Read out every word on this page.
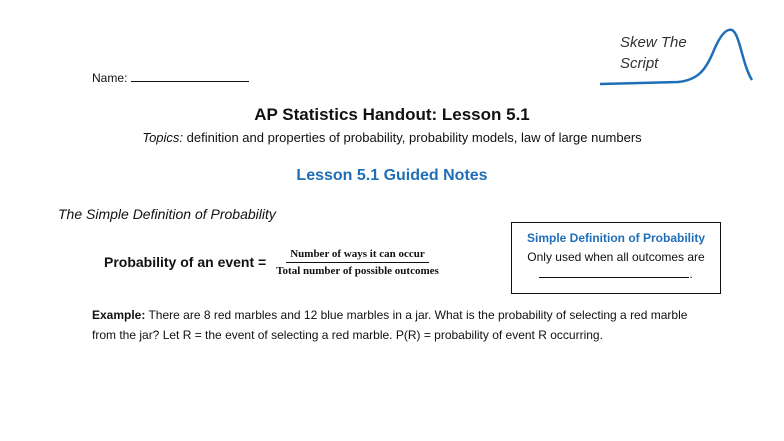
Skew The
Script
Name:
AP Statistics Handout: Lesson 5.1
Topics: definition and properties of probability, probability models, law of large numbers
Lesson 5.1 Guided Notes
The Simple Definition of Probability
Probability of an event = $\frac{\text{Number of ways it can occur}}{\text{Total number of possible outcomes}}$
Simple Definition of Probability
Only used when all outcomes are
.
Example: There are 8 red marbles and 12 blue marbles in a jar. What is the probability of selecting a red marble from the jar? Let R = the event of selecting a red marble. P(R) = probability of event R occurring.
